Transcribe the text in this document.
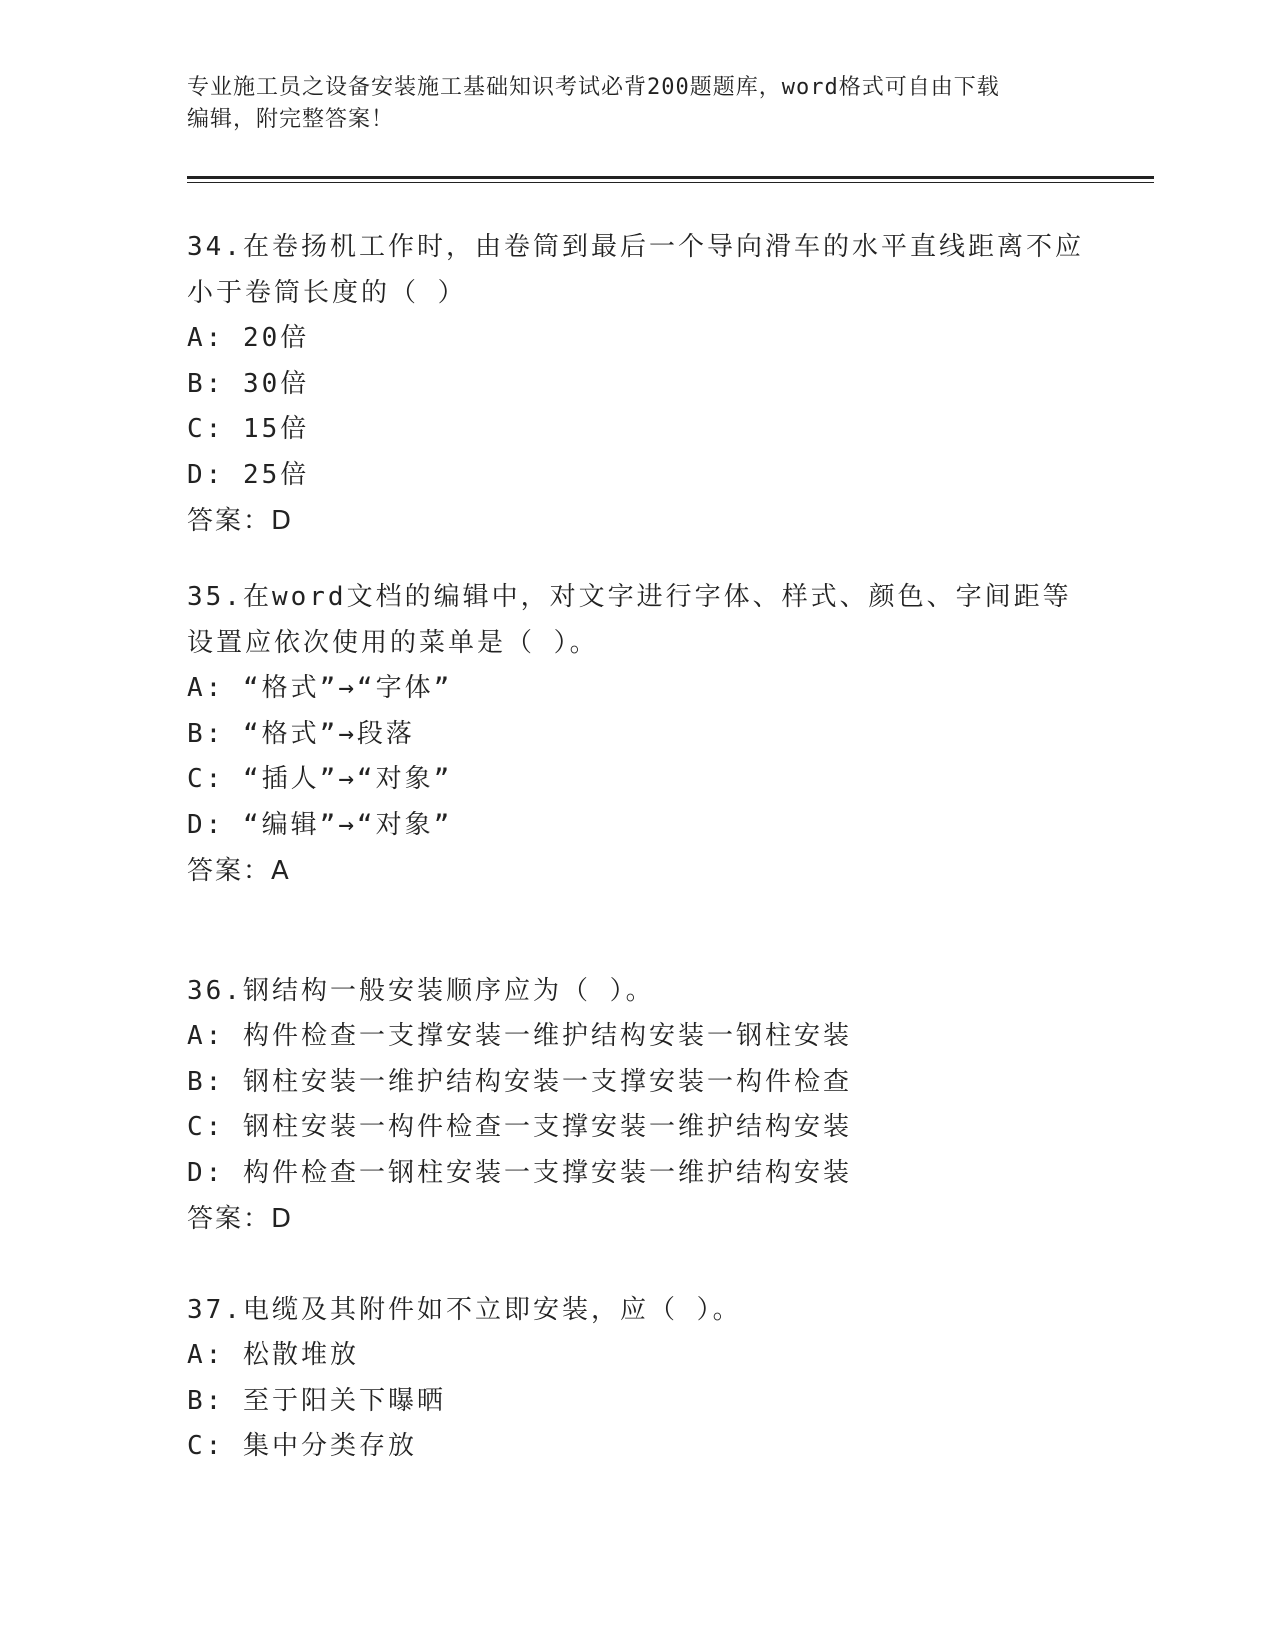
专业施工员之设备安装施工基础知识考试必背200题题库，word格式可自由下载
编辑，附完整答案！
34.在卷扬机工作时，由卷筒到最后一个导向滑车的水平直线距离不应
小于卷筒长度的（ ）
A: 20倍
B: 30倍
C: 15倍
D: 25倍
答案：D
35.在word文档的编辑中，对文字进行字体、样式、颜色、字间距等
设置应依次使用的菜单是（ ）。
A: “格式”→“字体”
B: “格式”→段落
C: “插人”→“对象”
D: “编辑”→“对象”
答案：A
36.钢结构一般安装顺序应为（ ）。
A: 构件检查一支撑安装一维护结构安装一钢柱安装
B: 钢柱安装一维护结构安装一支撑安装一构件检查
C: 钢柱安装一构件检查一支撑安装一维护结构安装
D: 构件检查一钢柱安装一支撑安装一维护结构安装
答案：D
37.电缆及其附件如不立即安装，应（ ）。
A: 松散堆放
B: 至于阳关下曝晒
C: 集中分类存放
